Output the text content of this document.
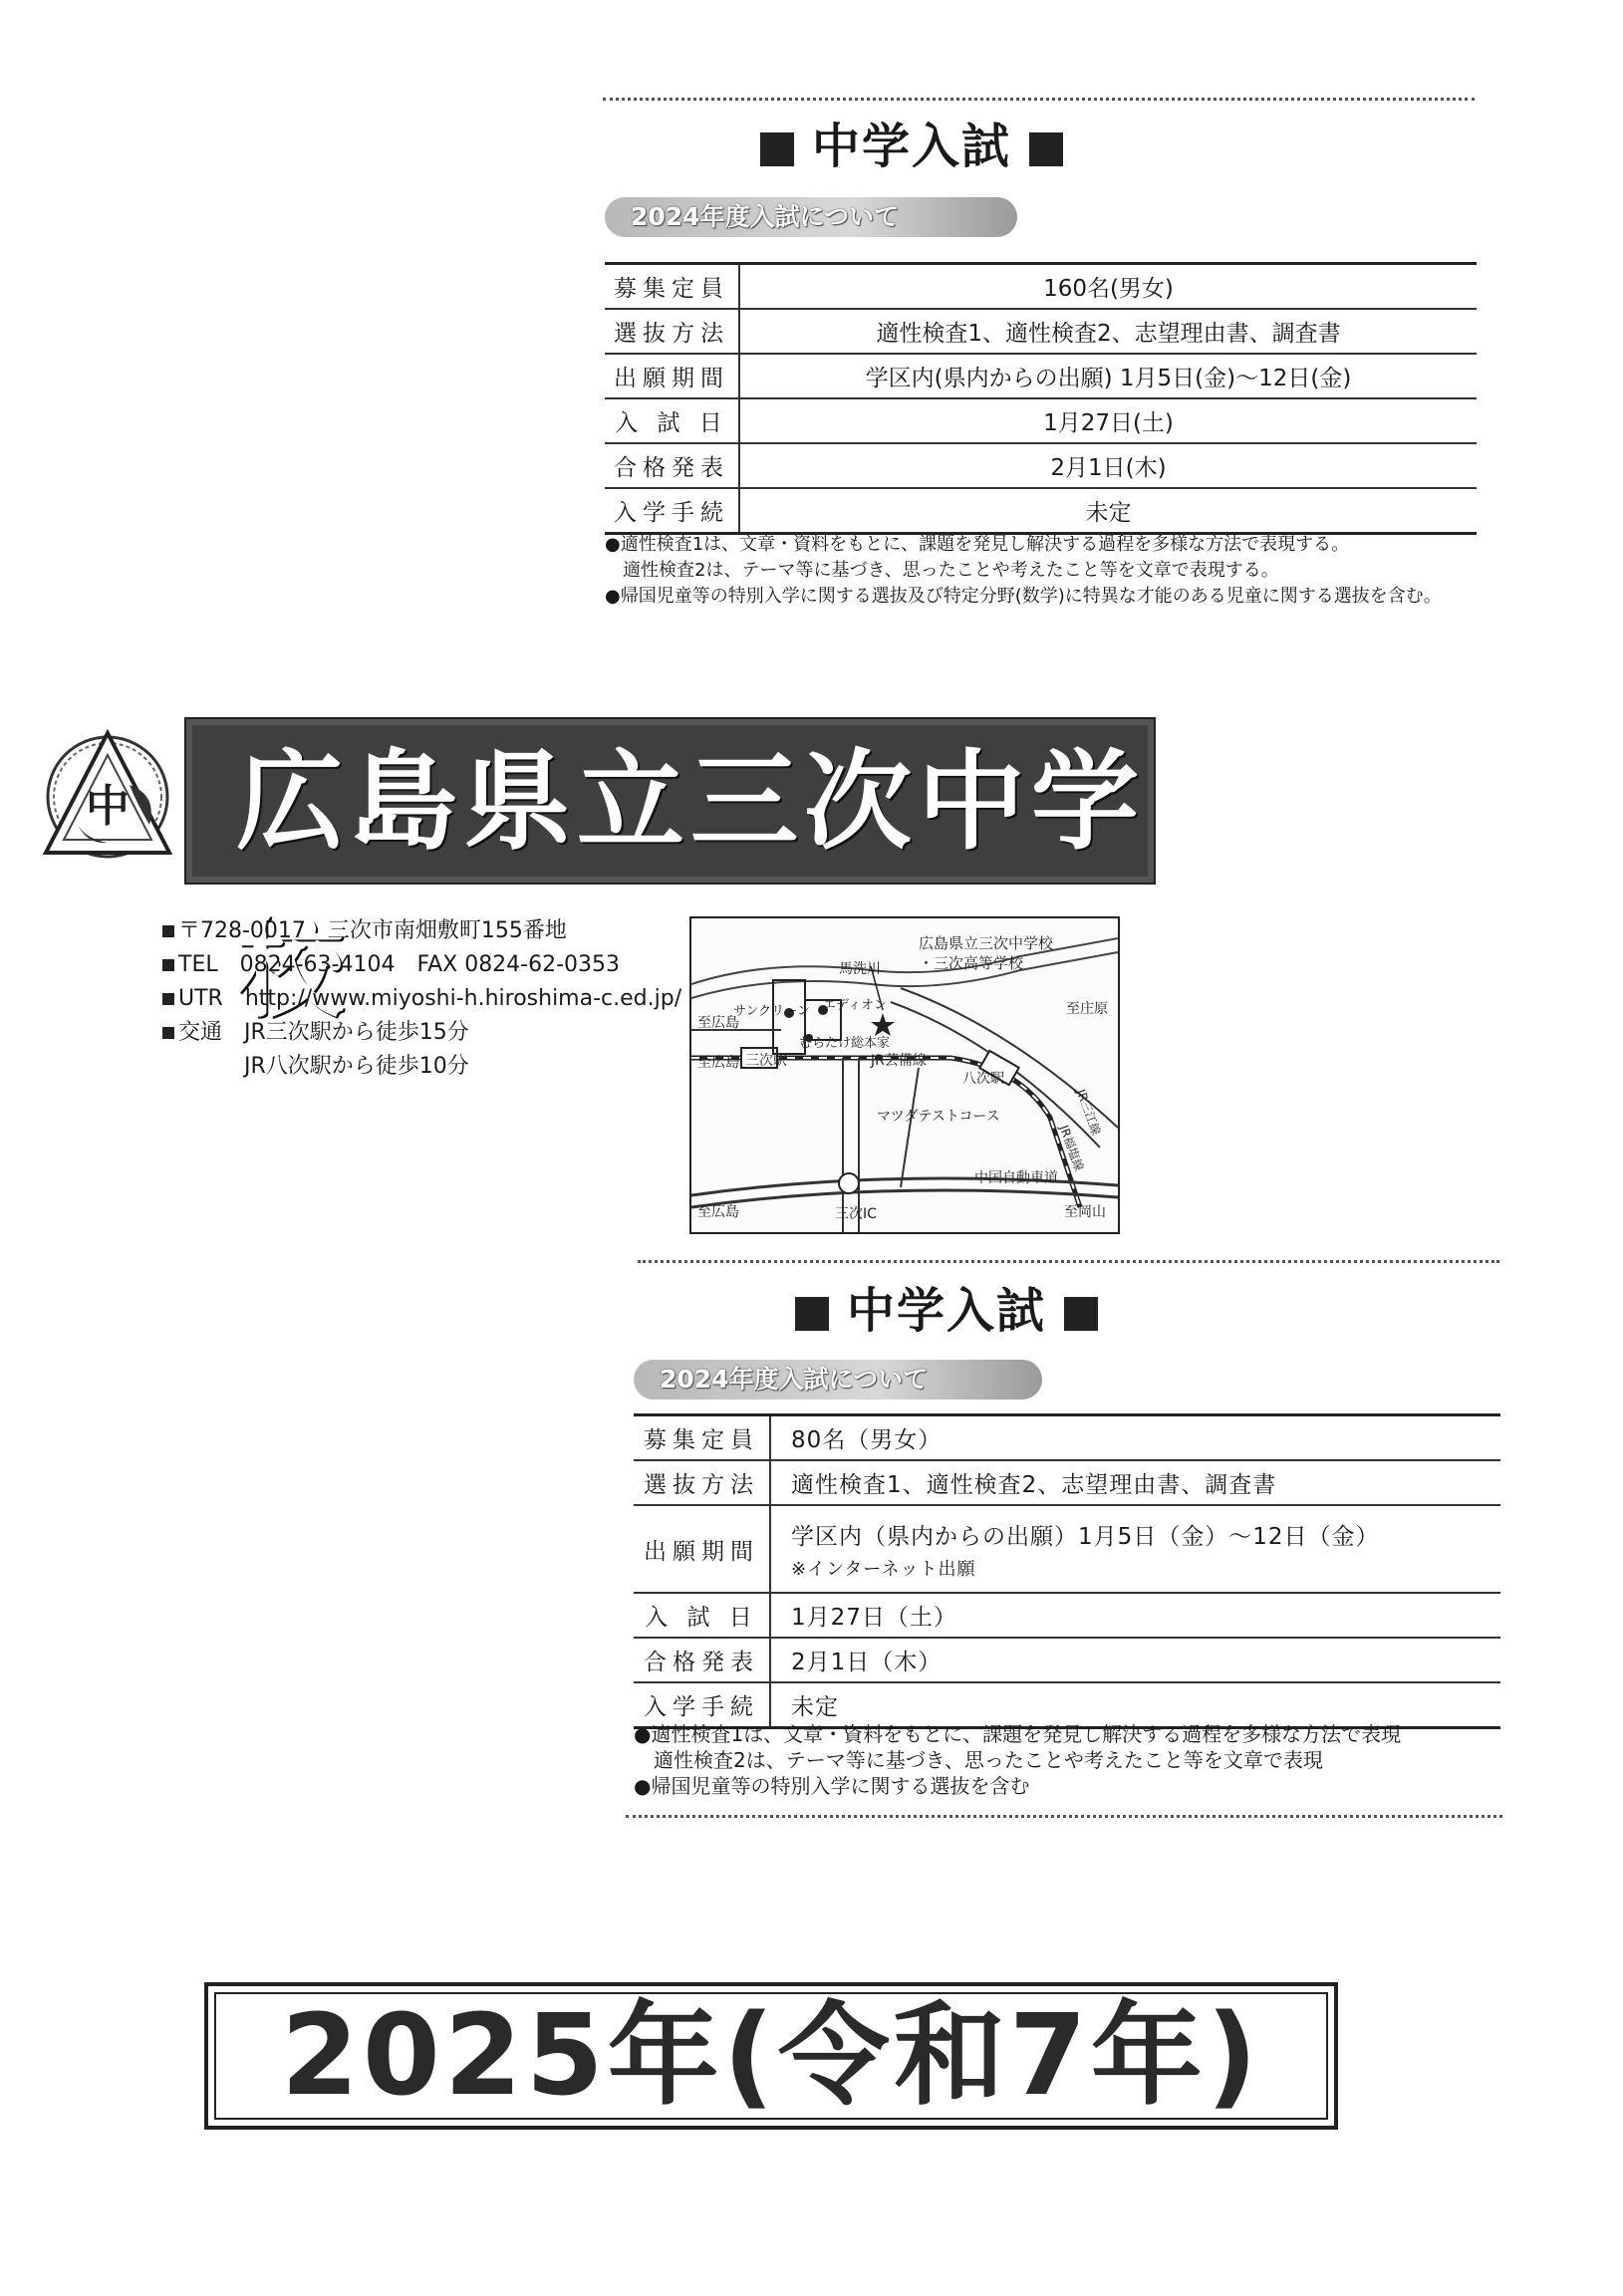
中学入試
2024年度入試について
募集定員	160名(男女)
選抜方法	適性検査1、適性検査2、志望理由書、調査書
出願期間	学区内(県内からの出願) 1月5日(金)～12日(金)
入 試 日	1月27日(土)
合格発表	2月1日(木)
入学手続	未定
●適性検査1は、文章・資料をもとに、課題を発見し解決する過程を多様な方法で表現する。
　適性検査2は、テーマ等に基づき、思ったことや考えたこと等を文章で表現する。
●帰国児童等の特別入学に関する選抜及び特定分野(数学)に特異な才能のある児童に関する選抜を含む。
中 広島県立三次中学校
〒728-0017　三次市南畑敷町155番地
TEL　0824-63-4104　FAX 0824-62-0353
UTR　http://www.miyoshi-h.hiroshima-c.ed.jp/
交通　JR三次駅から徒歩15分
JR八次駅から徒歩10分
広島県立三次中学校
・三次高等学校
馬洗川
サンクリーン エディオン
むらたけ総本家
至庄原
至広島
至広島 三次駅	JR芸備線
八次駅
マツダテストコース	JR三江線
JR福塩線
中国自動車道
至広島	三次IC	至岡山
中学入試
2024年度入試について
募集定員	80名（男女）
選抜方法	適性検査1、適性検査2、志望理由書、調査書
出願期間	学区内（県内からの出願）1月5日（金）～12日（金）
※インターネット出願

入 試 日	1月27日（土）
合格発表	2月1日（木）
入学手続	未定
●適性検査1は、文章・資料をもとに、課題を発見し解決する過程を多様な方法で表現
　適性検査2は、テーマ等に基づき、思ったことや考えたこと等を文章で表現
●帰国児童等の特別入学に関する選抜を含む
2025年(令和7年)
